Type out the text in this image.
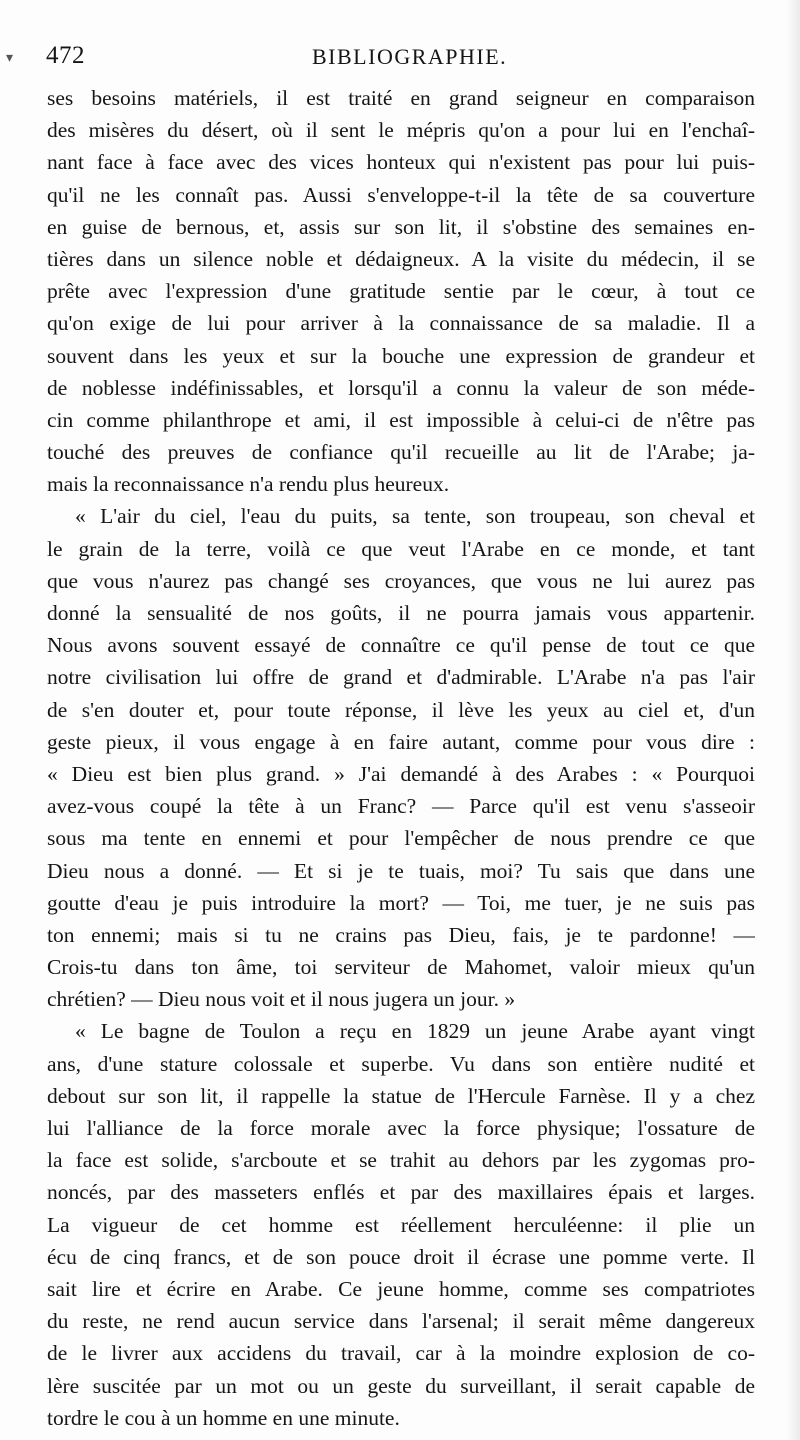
▾ 472	BIBLIOGRAPHIE.
ses besoins matériels, il est traité en grand seigneur en comparaison
des misères du désert, où il sent le mépris qu'on a pour lui en l'enchaî-
nant face à face avec des vices honteux qui n'existent pas pour lui puis-
qu'il ne les connaît pas. Aussi s'enveloppe-t-il la tête de sa couverture
en guise de bernous, et, assis sur son lit, il s'obstine des semaines en-
tières dans un silence noble et dédaigneux. A la visite du médecin, il se
prête avec l'expression d'une gratitude sentie par le cœur, à tout ce
qu'on exige de lui pour arriver à la connaissance de sa maladie. Il a
souvent dans les yeux et sur la bouche une expression de grandeur et
de noblesse indéfinissables, et lorsqu'il a connu la valeur de son méde-
cin comme philanthrope et ami, il est impossible à celui-ci de n'être pas
touché des preuves de confiance qu'il recueille au lit de l'Arabe; ja-
mais la reconnaissance n'a rendu plus heureux.
« L'air du ciel, l'eau du puits, sa tente, son troupeau, son cheval et
le grain de la terre, voilà ce que veut l'Arabe en ce monde, et tant
que vous n'aurez pas changé ses croyances, que vous ne lui aurez pas
donné la sensualité de nos goûts, il ne pourra jamais vous appartenir.
Nous avons souvent essayé de connaître ce qu'il pense de tout ce que
notre civilisation lui offre de grand et d'admirable. L'Arabe n'a pas l'air
de s'en douter et, pour toute réponse, il lève les yeux au ciel et, d'un
geste pieux, il vous engage à en faire autant, comme pour vous dire :
« Dieu est bien plus grand. » J'ai demandé à des Arabes : « Pourquoi
avez-vous coupé la tête à un Franc? — Parce qu'il est venu s'asseoir
sous ma tente en ennemi et pour l'empêcher de nous prendre ce que
Dieu nous a donné. — Et si je te tuais, moi? Tu sais que dans une
goutte d'eau je puis introduire la mort? — Toi, me tuer, je ne suis pas
ton ennemi; mais si tu ne crains pas Dieu, fais, je te pardonne! —
Crois-tu dans ton âme, toi serviteur de Mahomet, valoir mieux qu'un
chrétien? — Dieu nous voit et il nous jugera un jour. »
« Le bagne de Toulon a reçu en 1829 un jeune Arabe ayant vingt
ans, d'une stature colossale et superbe. Vu dans son entière nudité et
debout sur son lit, il rappelle la statue de l'Hercule Farnèse. Il y a chez
lui l'alliance de la force morale avec la force physique; l'ossature de
la face est solide, s'arcboute et se trahit au dehors par les zygomas pro-
noncés, par des masseters enflés et par des maxillaires épais et larges.
La vigueur de cet homme est réellement herculéenne: il plie un
écu de cinq francs, et de son pouce droit il écrase une pomme verte. Il
sait lire et écrire en Arabe. Ce jeune homme, comme ses compatriotes
du reste, ne rend aucun service dans l'arsenal; il serait même dangereux
de le livrer aux accidens du travail, car à la moindre explosion de co-
lère suscitée par un mot ou un geste du surveillant, il serait capable de
tordre le cou à un homme en une minute.
